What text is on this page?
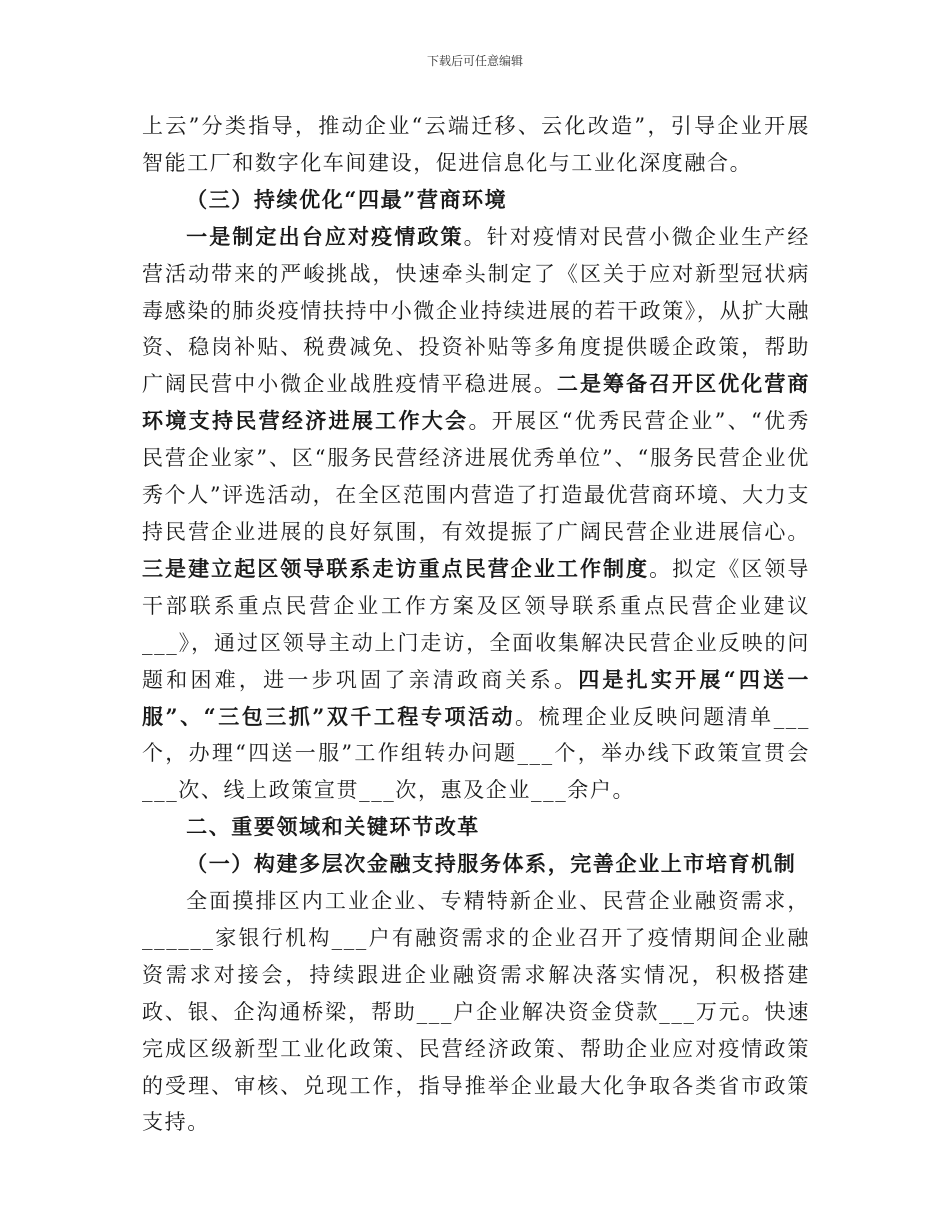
下载后可任意编辑

上云”分类指导，推动企业“云端迁移、云化改造”，引导企业开展智能工厂和数字化车间建设，促进信息化与工业化深度融合。

（三）持续优化“四最”营商环境

一是制定出台应对疫情政策。针对疫情对民营小微企业生产经营活动带来的严峻挑战，快速牵头制定了《区关于应对新型冠状病毒感染的肺炎疫情扶持中小微企业持续进展的若干政策》，从扩大融资、稳岗补贴、税费减免、投资补贴等多角度提供暖企政策，帮助广阔民营中小微企业战胜疫情平稳进展。二是筹备召开区优化营商环境支持民营经济进展工作大会。开展区“优秀民营企业”、“优秀民营企业家”、区“服务民营经济进展优秀单位”、“服务民营企业优秀个人”评选活动，在全区范围内营造了打造最优营商环境、大力支持民营企业进展的良好氛围，有效提振了广阔民营企业进展信心。三是建立起区领导联系走访重点民营企业工作制度。拟定《区领导干部联系重点民营企业工作方案及区领导联系重点民营企业建议___》，通过区领导主动上门走访，全面收集解决民营企业反映的问题和困难，进一步巩固了亲清政商关系。四是扎实开展“四送一服”、“三包三抓”双千工程专项活动。梳理企业反映问题清单___个，办理“四送一服”工作组转办问题___个，举办线下政策宣贯会___次、线上政策宣贯___次，惠及企业___余户。

二、重要领域和关键环节改革

（一）构建多层次金融支持服务体系，完善企业上市培育机制

全面摸排区内工业企业、专精特新企业、民营企业融资需求，______家银行机构___户有融资需求的企业召开了疫情期间企业融资需求对接会，持续跟进企业融资需求解决落实情况，积极搭建政、银、企沟通桥梁，帮助___户企业解决资金贷款___万元。快速完成区级新型工业化政策、民营经济政策、帮助企业应对疫情政策的受理、审核、兑现工作，指导推举企业最大化争取各类省市政策支持。
